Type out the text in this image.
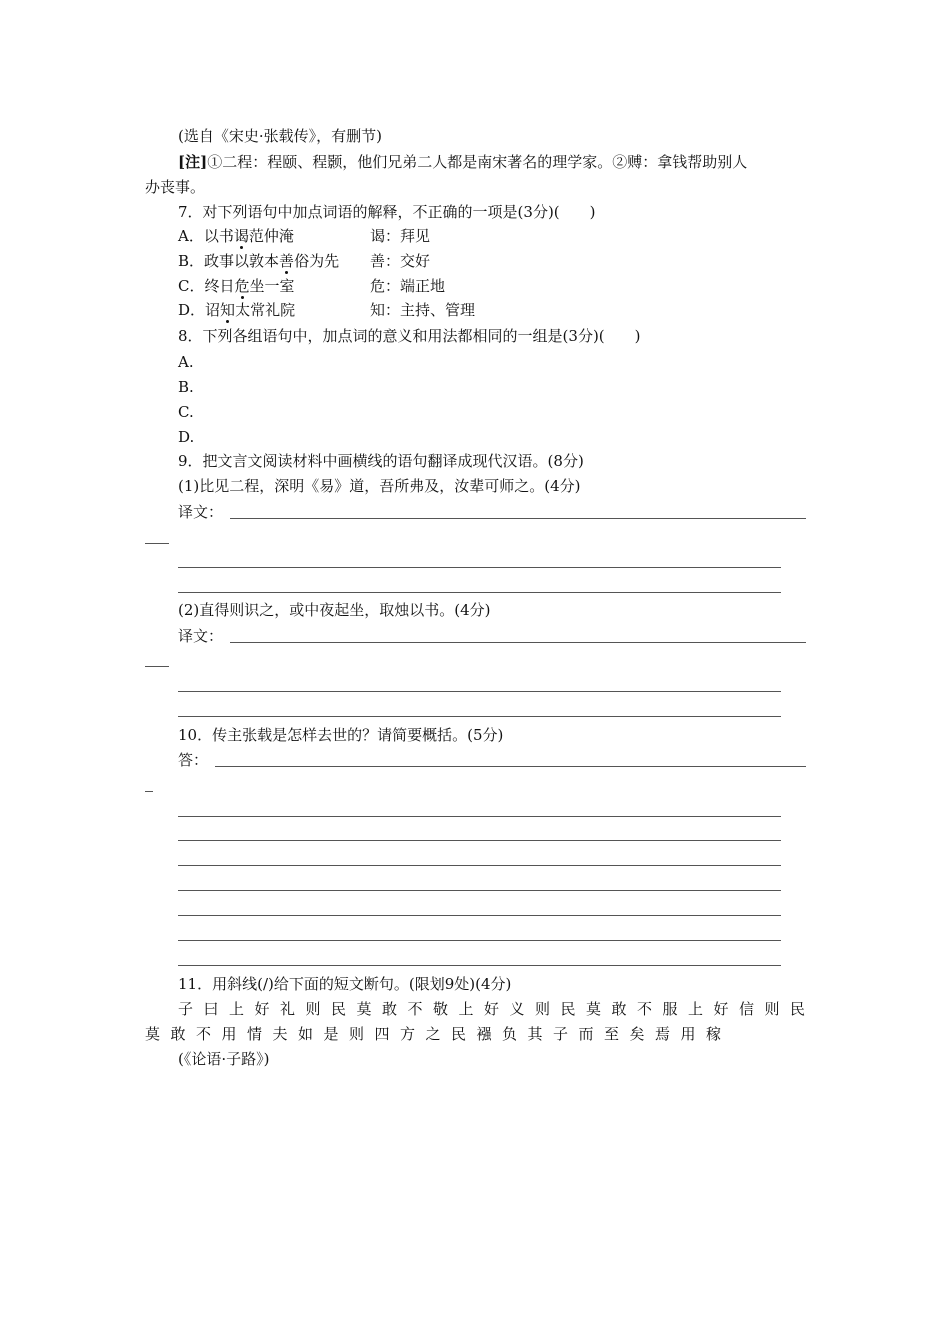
(选自《宋史·张载传》，有删节)
[注]①二程：程颐、程颢，他们兄弟二人都是南宋著名的理学家。②赙：拿钱帮助别人
办丧事。
7．对下列语句中加点词语的解释，不正确的一项是(3分)(　　)
A．以书谒范仲淹	谒：拜见
B．政事以敦本善俗为先 善：交好
C．终日危坐一室	危：端正地
D．诏知太常礼院	知：主持、管理
8．下列各组语句中，加点词的意义和用法都相同的一组是(3分)(　　)
A.
B.
C.
D.
9．把文言文阅读材料中画横线的语句翻译成现代汉语。(8分)
(1)比见二程，深明《易》道，吾所弗及，汝辈可师之。(4分)
译文：
(2)直得则识之，或中夜起坐，取烛以书。(4分)
译文：
10．传主张载是怎样去世的？请简要概括。(5分)
答：
11．用斜线(/)给下面的短文断句。(限划9处)(4分)
子曰上好礼则民莫敢不敬上好义则民莫敢不服上好信则民
莫敢不用情夫如是则四方之民襁负其子而至矣焉用稼
(《论语·子路》)
